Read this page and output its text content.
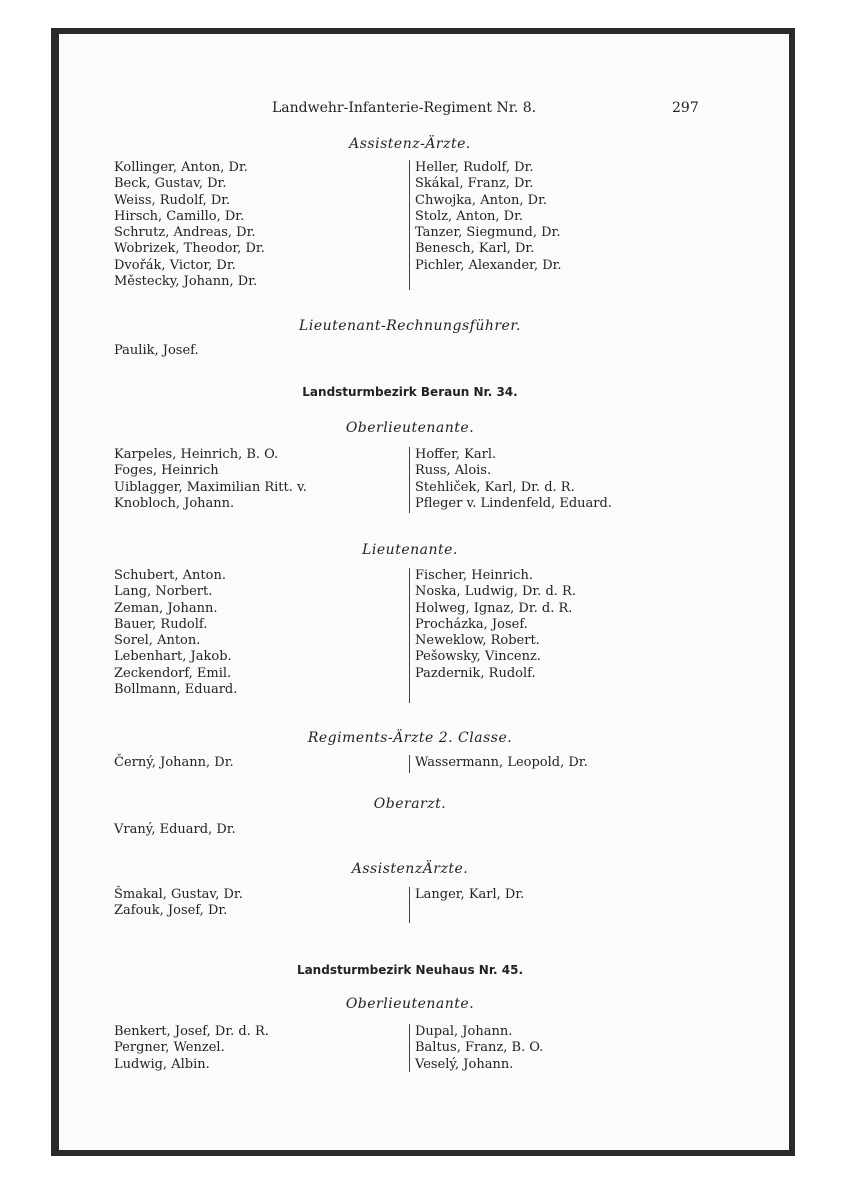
Landwehr-Infanterie-Regiment Nr. 8.	297
Assistenz-Ärzte.
Kollinger, Anton, Dr.
Beck, Gustav, Dr.
Weiss, Rudolf, Dr.
Hirsch, Camillo, Dr.
Schrutz, Andreas, Dr.
Wobrizek, Theodor, Dr.
Dvořák, Victor, Dr.
Městecky, Johann, Dr.
Heller, Rudolf, Dr.
Skákal, Franz, Dr.
Chwojka, Anton, Dr.
Stolz, Anton, Dr.
Tanzer, Siegmund, Dr.
Benesch, Karl, Dr.
Pichler, Alexander, Dr.
Lieutenant-Rechnungsführer.
Paulik, Josef.
Landsturmbezirk Beraun Nr. 34.
Oberlieutenante.
Karpeles, Heinrich, B. O.
Foges, Heinrich
Uiblagger, Maximilian Ritt. v.
Knobloch, Johann.
Hoffer, Karl.
Russ, Alois.
Stehliček, Karl, Dr. d. R.
Pfleger v. Lindenfeld, Eduard.
Lieutenante.
Schubert, Anton.
Lang, Norbert.
Zeman, Johann.
Bauer, Rudolf.
Sorel, Anton.
Lebenhart, Jakob.
Zeckendorf, Emil.
Bollmann, Eduard.
Fischer, Heinrich.
Noska, Ludwig, Dr. d. R.
Holweg, Ignaz, Dr. d. R.
Procházka, Josef.
Neweklow, Robert.
Pešowsky, Vincenz.
Pazdernik, Rudolf.
Regiments-Ärzte 2. Classe.
Černý, Johann, Dr.	Wassermann, Leopold, Dr.
Oberarzt.
Vraný, Eduard, Dr.
AssistenzÄrzte.
Šmakal, Gustav, Dr.
Zafouk, Josef, Dr.
Langer, Karl, Dr.
Landsturmbezirk Neuhaus Nr. 45.
Oberlieutenante.
Benkert, Josef, Dr. d. R.
Pergner, Wenzel.
Ludwig, Albin.
Dupal, Johann.
Baltus, Franz, B. O.
Veselý, Johann.
